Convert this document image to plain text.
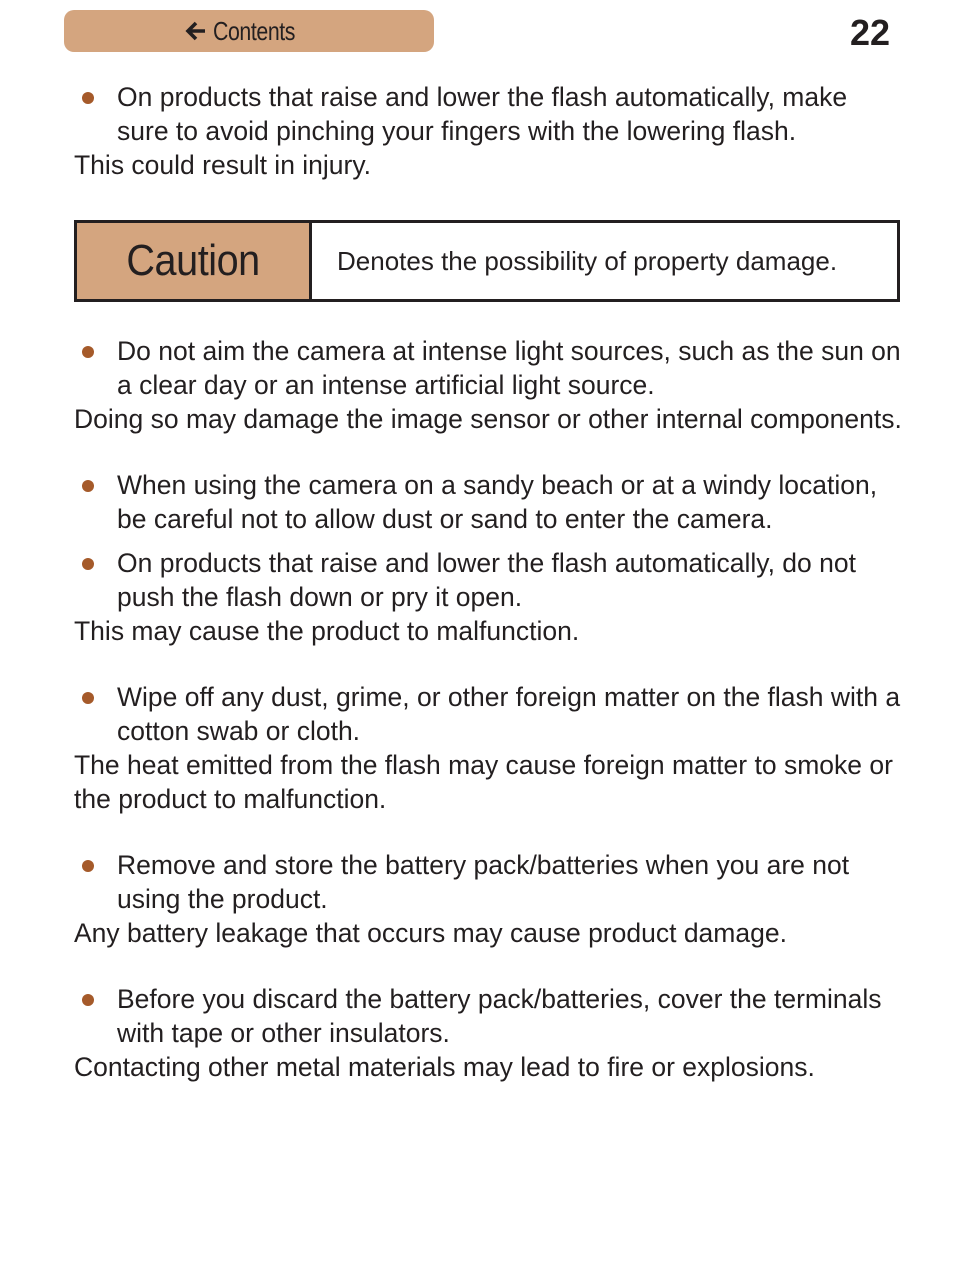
Contents	22
On products that raise and lower the flash automatically, make sure to avoid pinching your fingers with the lowering flash.

This could result in injury.

Caution	Denotes the possibility of property damage.
Do not aim the camera at intense light sources, such as the sun on a clear day or an intense artificial light source.

Doing so may damage the image sensor or other internal components.

When using the camera on a sandy beach or at a windy location, be careful not to allow dust or sand to enter the camera.
On products that raise and lower the flash automatically, do not push the flash down or pry it open.

This may cause the product to malfunction.

Wipe off any dust, grime, or other foreign matter on the flash with a cotton swab or cloth.

The heat emitted from the flash may cause foreign matter to smoke or the product to malfunction.

Remove and store the battery pack/batteries when you are not using the product.

Any battery leakage that occurs may cause product damage.

Before you discard the battery pack/batteries, cover the terminals with tape or other insulators.

Contacting other metal materials may lead to fire or explosions.
